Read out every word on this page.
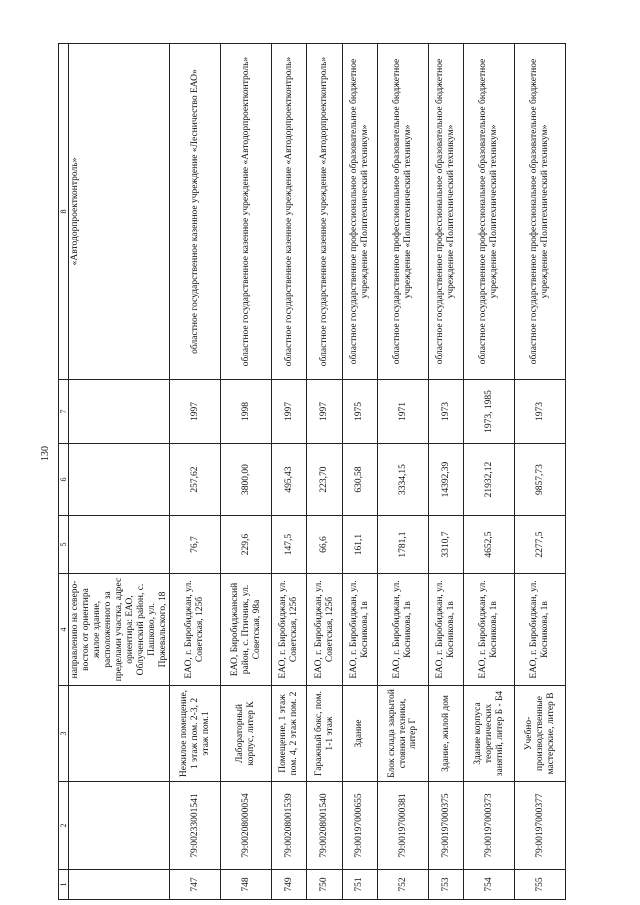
130
1	2	3	4	5	6	7	8
			направлению на северо-восток от ориентира жилое здание, расположенного за пределами участка, адрес ориентира: ЕАО, Облученский район, с. Пашково, ул. Пржевальского, 18				«Автодорпроектконтроль»
747	79:00233001541	Нежилое помещение, 1 этаж пом. 2-3, 2 этаж пом.1	ЕАО, г. Биробиджан, ул. Советская, 125б	76,7	257,62	1997	областное государственное казенное учреждение «Лесничество ЕАО»
748	79:00208000054	Лабораторный корпус, литер К	ЕАО, Биробиджанский район, с. Птичник, ул. Советская, 98а	229,6	3800,00	1998	областное государственное казенное учреждение «Автодорпроектконтроль»
749	79:00208001539	Помещение, 1 этаж пом. 4, 2 этаж пом. 2	ЕАО, г. Биробиджан, ул. Советская, 125б	147,5	495,43	1997	областное государственное казенное учреждение «Автодорпроектконтроль»
750	79:00208001540	Гаражный бокс, пом. 1-1 этаж	ЕАО, г. Биробиджан, ул. Советская, 125б	66,6	223,70	1997	областное государственное казенное учреждение «Автодорпроектконтроль»
751	79:00197000655	Здание	ЕАО, г. Биробиджан, ул. Косникова, 1в	161,1	630,58	1975	областное государственное профессиональное образовательное бюджетное учреждение «Политехнический техникум»
752	79:00197000381	Блок склада закрытой стоянки техники, литер Г	ЕАО, г. Биробиджан, ул. Косникова, 1в	1781,1	3334,15	1971	областное государственное профессиональное образовательное бюджетное учреждение «Политехнический техникум»
753	79:00197000375	Здание, жилой дом	ЕАО, г. Биробиджан, ул. Косникова, 1в	3310,7	14392,39	1973	областное государственное профессиональное образовательное бюджетное учреждение «Политехнический техникум»
754	79:00197000373	Здание корпуса теоретических занятий, литер Б - Б4	ЕАО, г. Биробиджан, ул. Косникова, 1в	4652,5	21932,12	1973, 1985	областное государственное профессиональное образовательное бюджетное учреждение «Политехнический техникум»
755	79:00197000377	Учебно-производственные мастерские, литер В	ЕАО, г. Биробиджан, ул. Косникова, 1в	2277,5	9857,73	1973	областное государственное профессиональное образовательное бюджетное учреждение «Политехнический техникум»
